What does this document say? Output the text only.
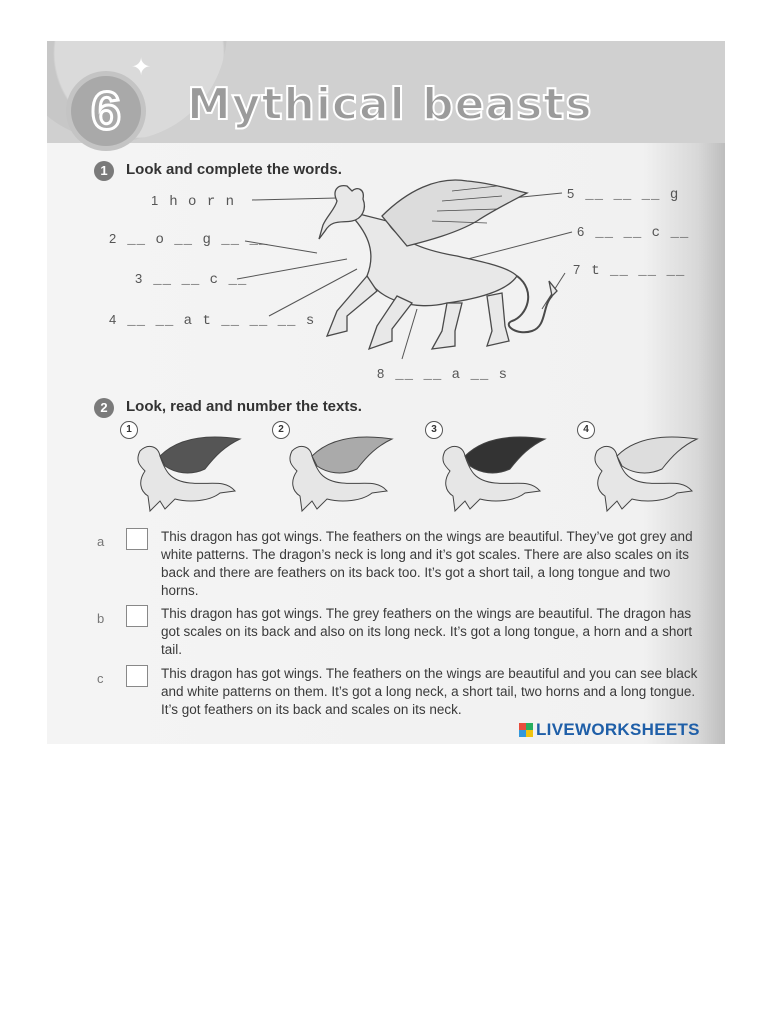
6
✦
Mythical beasts
1	Look and complete the words.
1 h o r n
2 __ o __ g __ __
3 __ __ c __
4 __ __ a t __ __ __ s
5 __ __ __ g
6 __ __ c __
7 t __ __ __
8 __ __ a __ s
2	Look, read and number the texts.
1	2	3	4
a	This dragon has got wings. The feathers on the wings are beautiful. They’ve got grey and white patterns. The dragon’s neck is long and it’s got scales. There are also scales on its back and there are feathers on its back too. It’s got a short tail, a long tongue and two horns.
b	This dragon has got wings. The grey feathers on the wings are beautiful. The dragon has got scales on its back and also on its long neck. It’s got a long tongue, a horn and a short tail.
c	This dragon has got wings. The feathers on the wings are beautiful and you can see black and white patterns on them. It’s got a long neck, a short tail, two horns and a long tongue. It’s got feathers on its back and scales on its neck.
LIVEWORKSHEETS
